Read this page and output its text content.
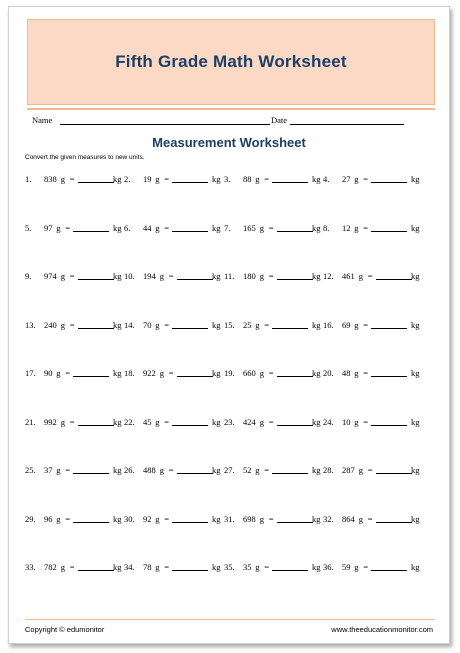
Fifth Grade Math Worksheet
Name	Date
Measurement Worksheet
Convert the given measures to new units.
1. 838 g =	kg 2. 19 g =	kg 3. 88 g =	kg 4. 27 g =	kg
5. 97 g =	kg 6. 44 g =	kg 7. 165 g =	kg 8. 12 g =	kg
9. 974 g =	kg 10. 194 g =	kg 11. 180 g =	kg 12. 461 g =	kg
13. 240 g =	kg 14. 70 g =	kg 15. 25 g =	kg 16. 69 g =	kg
17. 90 g =	kg 18. 922 g =	kg 19. 660 g =	kg 20. 48 g =	kg
21. 992 g =	kg 22. 45 g =	kg 23. 424 g =	kg 24. 10 g =	kg
25. 37 g =	kg 26. 488 g =	kg 27. 52 g =	kg 28. 287 g =	kg
29. 96 g =	kg 30. 92 g =	kg 31. 698 g =	kg 32. 864 g =	kg
33. 782 g =	kg 34. 78 g =	kg 35. 35 g =	kg 36. 59 g =	kg
Copyright © edumonitor	www.theeducationmonitor.com
